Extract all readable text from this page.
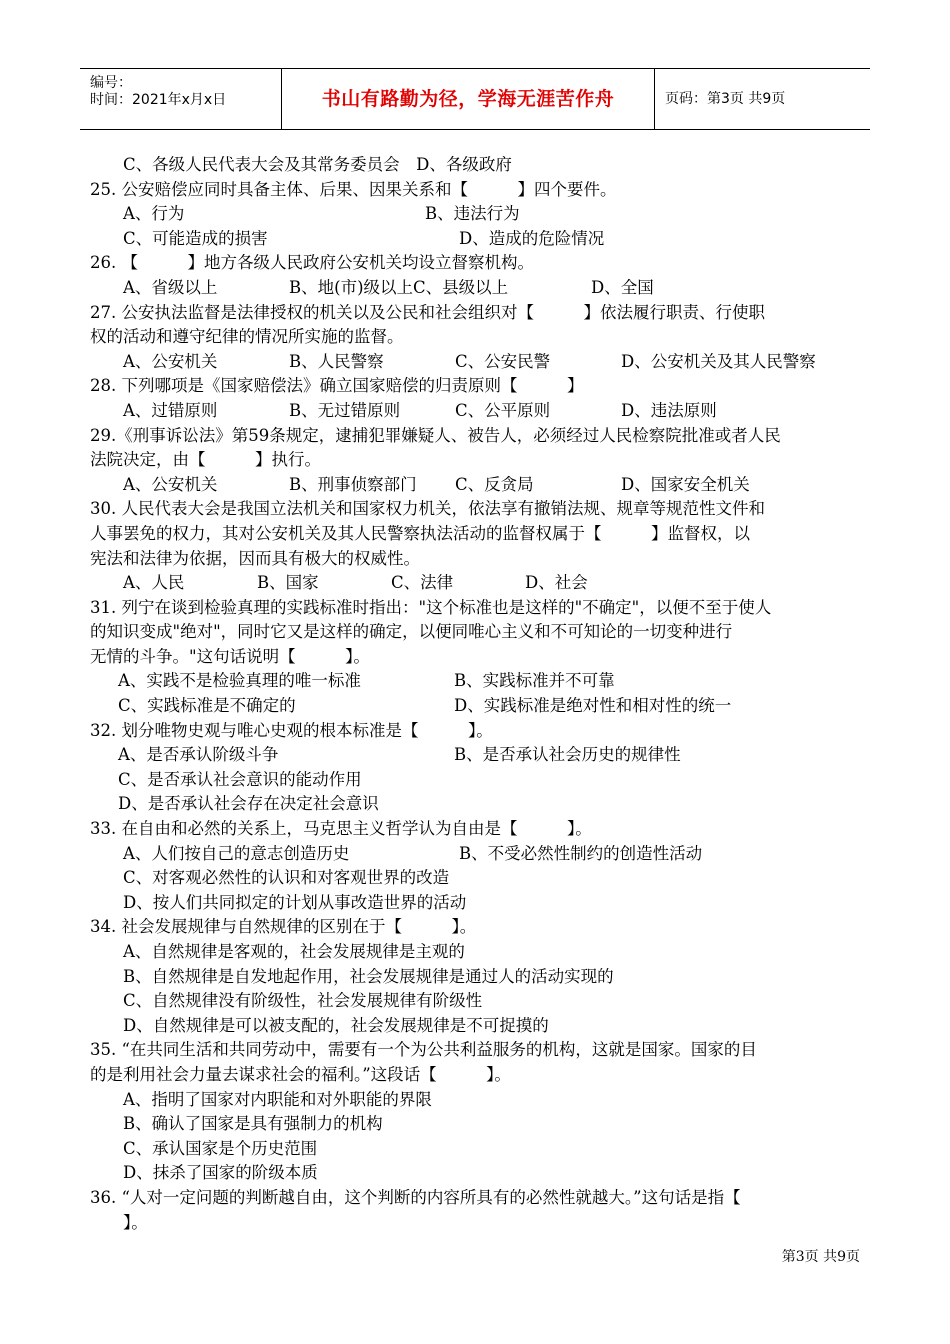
编号：
时间：2021年x月x日	书山有路勤为径，学海无涯苦作舟	页码：第3页 共9页
C、各级人民代表大会及其常务委员会　D、各级政府
25. 公安赔偿应同时具备主体、后果、因果关系和【　　　】四个要件。
A、行为	B、违法行为
C、可能造成的损害	D、造成的危险情况
26. 【　　　】地方各级人民政府公安机关均设立督察机构。
A、省级以上	B、地(市)级以上C、县级以上	D、全国
27. 公安执法监督是法律授权的机关以及公民和社会组织对【　　　】依法履行职责、行使职
权的活动和遵守纪律的情况所实施的监督。
A、公安机关	B、人民警察	C、公安民警	D、公安机关及其人民警察
28. 下列哪项是《国家赔偿法》确立国家赔偿的归责原则【　　　】
A、过错原则	B、无过错原则	C、公平原则	D、违法原则
29.《刑事诉讼法》第59条规定，逮捕犯罪嫌疑人、被告人，必须经过人民检察院批准或者人民
法院决定，由【　　　】执行。
A、公安机关	B、刑事侦察部门 C、反贪局	D、国家安全机关
30. 人民代表大会是我国立法机关和国家权力机关，依法享有撤销法规、规章等规范性文件和
人事罢免的权力，其对公安机关及其人民警察执法活动的监督权属于【　　　】监督权，以
宪法和法律为依据，因而具有极大的权威性。
A、人民	B、国家	C、法律	D、社会
31. 列宁在谈到检验真理的实践标准时指出："这个标准也是这样的"不确定"，以便不至于使人
的知识变成"绝对"，同时它又是这样的确定，以便同唯心主义和不可知论的一切变种进行
无情的斗争。"这句话说明【　　　】。
A、实践不是检验真理的唯一标准	B、实践标准并不可靠
C、实践标准是不确定的	D、实践标准是绝对性和相对性的统一
32. 划分唯物史观与唯心史观的根本标准是【　　　】。
A、是否承认阶级斗争	B、是否承认社会历史的规律性
C、是否承认社会意识的能动作用
D、是否承认社会存在决定社会意识
33. 在自由和必然的关系上，马克思主义哲学认为自由是【　　　】。
A、人们按自己的意志创造历史	B、不受必然性制约的创造性活动
C、对客观必然性的认识和对客观世界的改造
D、按人们共同拟定的计划从事改造世界的活动
34. 社会发展规律与自然规律的区别在于【　　　】。
A、自然规律是客观的，社会发展规律是主观的
B、自然规律是自发地起作用，社会发展规律是通过人的活动实现的
C、自然规律没有阶级性，社会发展规律有阶级性
D、自然规律是可以被支配的，社会发展规律是不可捉摸的
35. “在共同生活和共同劳动中，需要有一个为公共利益服务的机构，这就是国家。国家的目
的是利用社会力量去谋求社会的福利。”这段话【　　　】。
A、指明了国家对内职能和对外职能的界限
B、确认了国家是具有强制力的机构
C、承认国家是个历史范围
D、抹杀了国家的阶级本质
36. “人对一定问题的判断越自由，这个判断的内容所具有的必然性就越大。”这句话是指【
】。
第3页 共9页
